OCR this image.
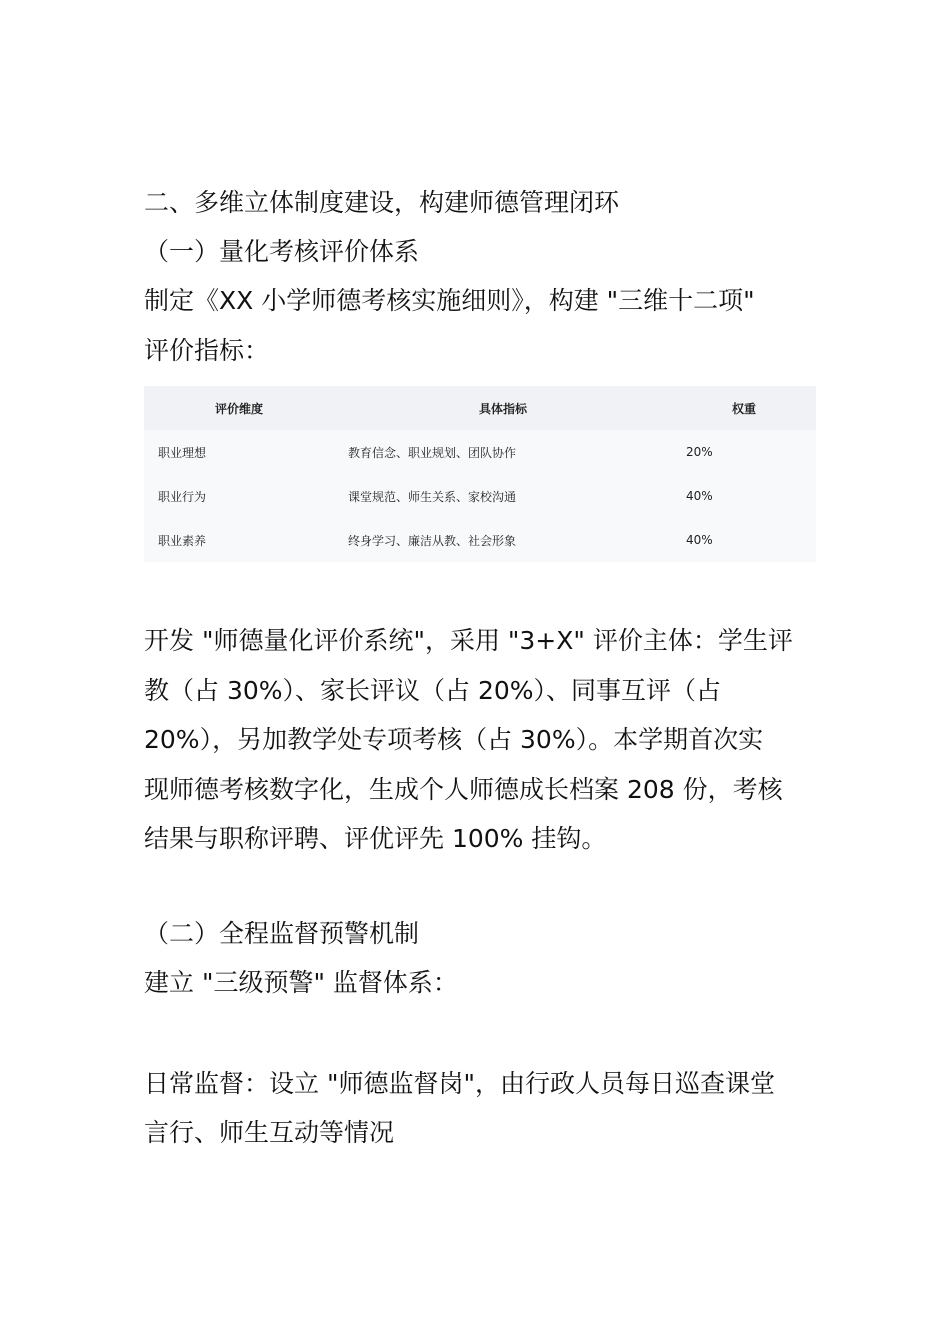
二、多维立体制度建设，构建师德管理闭环

（一）量化考核评价体系

制定《XX 小学师德考核实施细则》，构建 "三维十二项"
评价指标：

评价维度	具体指标	权重
职业理想	教育信念、职业规划、团队协作	20%
职业行为	课堂规范、师生关系、家校沟通	40%
职业素养	终身学习、廉洁从教、社会形象	40%

开发 "师德量化评价系统"，采用 "3+X" 评价主体：学生评
教（占 30%）、家长评议（占 20%）、同事互评（占
20%），另加教学处专项考核（占 30%）。本学期首次实
现师德考核数字化，生成个人师德成长档案 208 份，考核
结果与职称评聘、评优评先 100% 挂钩。

（二）全程监督预警机制

建立 "三级预警" 监督体系：

日常监督：设立 "师德监督岗"，由行政人员每日巡查课堂
言行、师生互动等情况
